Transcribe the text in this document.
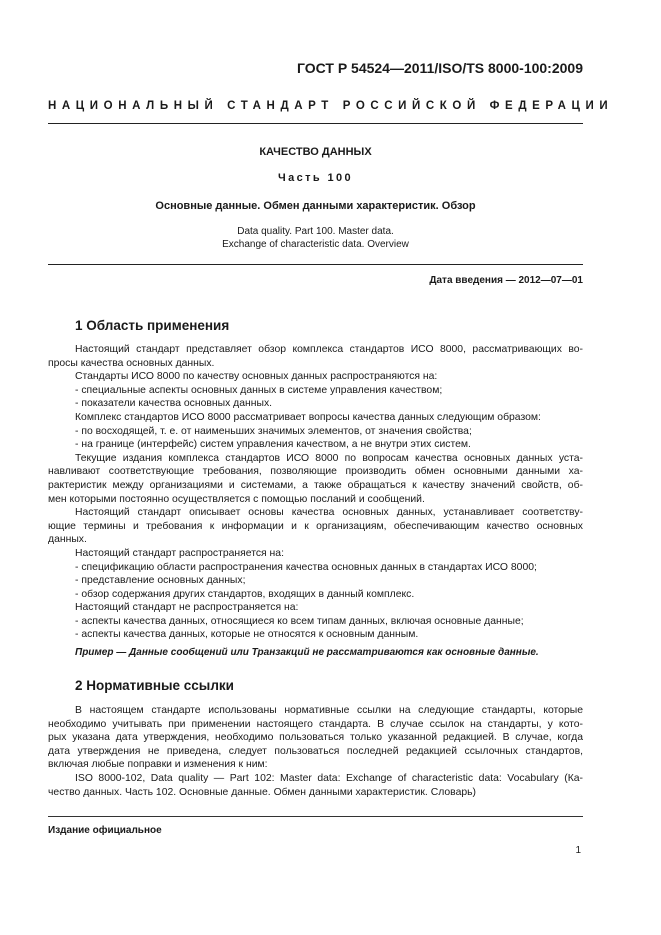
ГОСТ Р 54524—2011/ISO/TS 8000-100:2009
НАЦИОНАЛЬНЫЙ СТАНДАРТ РОССИЙСКОЙ ФЕДЕРАЦИИ
КАЧЕСТВО ДАННЫХ
Часть 100
Основные данные. Обмен данными характеристик. Обзор
Data quality. Part 100. Master data.
Exchange of characteristic data. Overview
Дата введения — 2012—07—01
1 Область применения

Настоящий стандарт представляет обзор комплекса стандартов ИСО 8000, рассматривающих во-

просы качества основных данных.

Стандарты ИСО 8000 по качеству основных данных распространяются на:

- специальные аспекты основных данных в системе управления качеством;

- показатели качества основных данных.

Комплекс стандартов ИСО 8000 рассматривает вопросы качества данных следующим образом:

- по восходящей, т. е. от наименьших значимых элементов, от значения свойства;

- на границе (интерфейс) систем управления качеством, а не внутри этих систем.

Текущие издания комплекса стандартов ИСО 8000 по вопросам качества основных данных уста-

навливают соответствующие требования, позволяющие производить обмен основными данными ха-

рактеристик между организациями и системами, а также обращаться к качеству значений свойств, об-

мен которыми постоянно осуществляется с помощью посланий и сообщений.

Настоящий стандарт описывает основы качества основных данных, устанавливает соответству-

ющие термины и требования к информации и к организациям, обеспечивающим качество основных

данных.

Настоящий стандарт распространяется на:

- спецификацию области распространения качества основных данных в стандартах ИСО 8000;

- представление основных данных;

- обзор содержания других стандартов, входящих в данный комплекс.

Настоящий стандарт не распространяется на:

- аспекты качества данных, относящиеся ко всем типам данных, включая основные данные;

- аспекты качества данных, которые не относятся к основным данным.

Пример — Данные сообщений или Транзакций не рассматриваются как основные данные.
2 Нормативные ссылки

В настоящем стандарте использованы нормативные ссылки на следующие стандарты, которые

необходимо учитывать при применении настоящего стандарта. В случае ссылок на стандарты, у кото-

рых указана дата утверждения, необходимо пользоваться только указанной редакцией. В случае, когда

дата утверждения не приведена, следует пользоваться последней редакцией ссылочных стандартов,

включая любые поправки и изменения к ним:

ISO 8000-102, Data quality — Part 102: Master data: Exchange of characteristic data: Vocabulary (Ка-

чество данных. Часть 102. Основные данные. Обмен данными характеристик. Словарь)

Издание официальное
1
